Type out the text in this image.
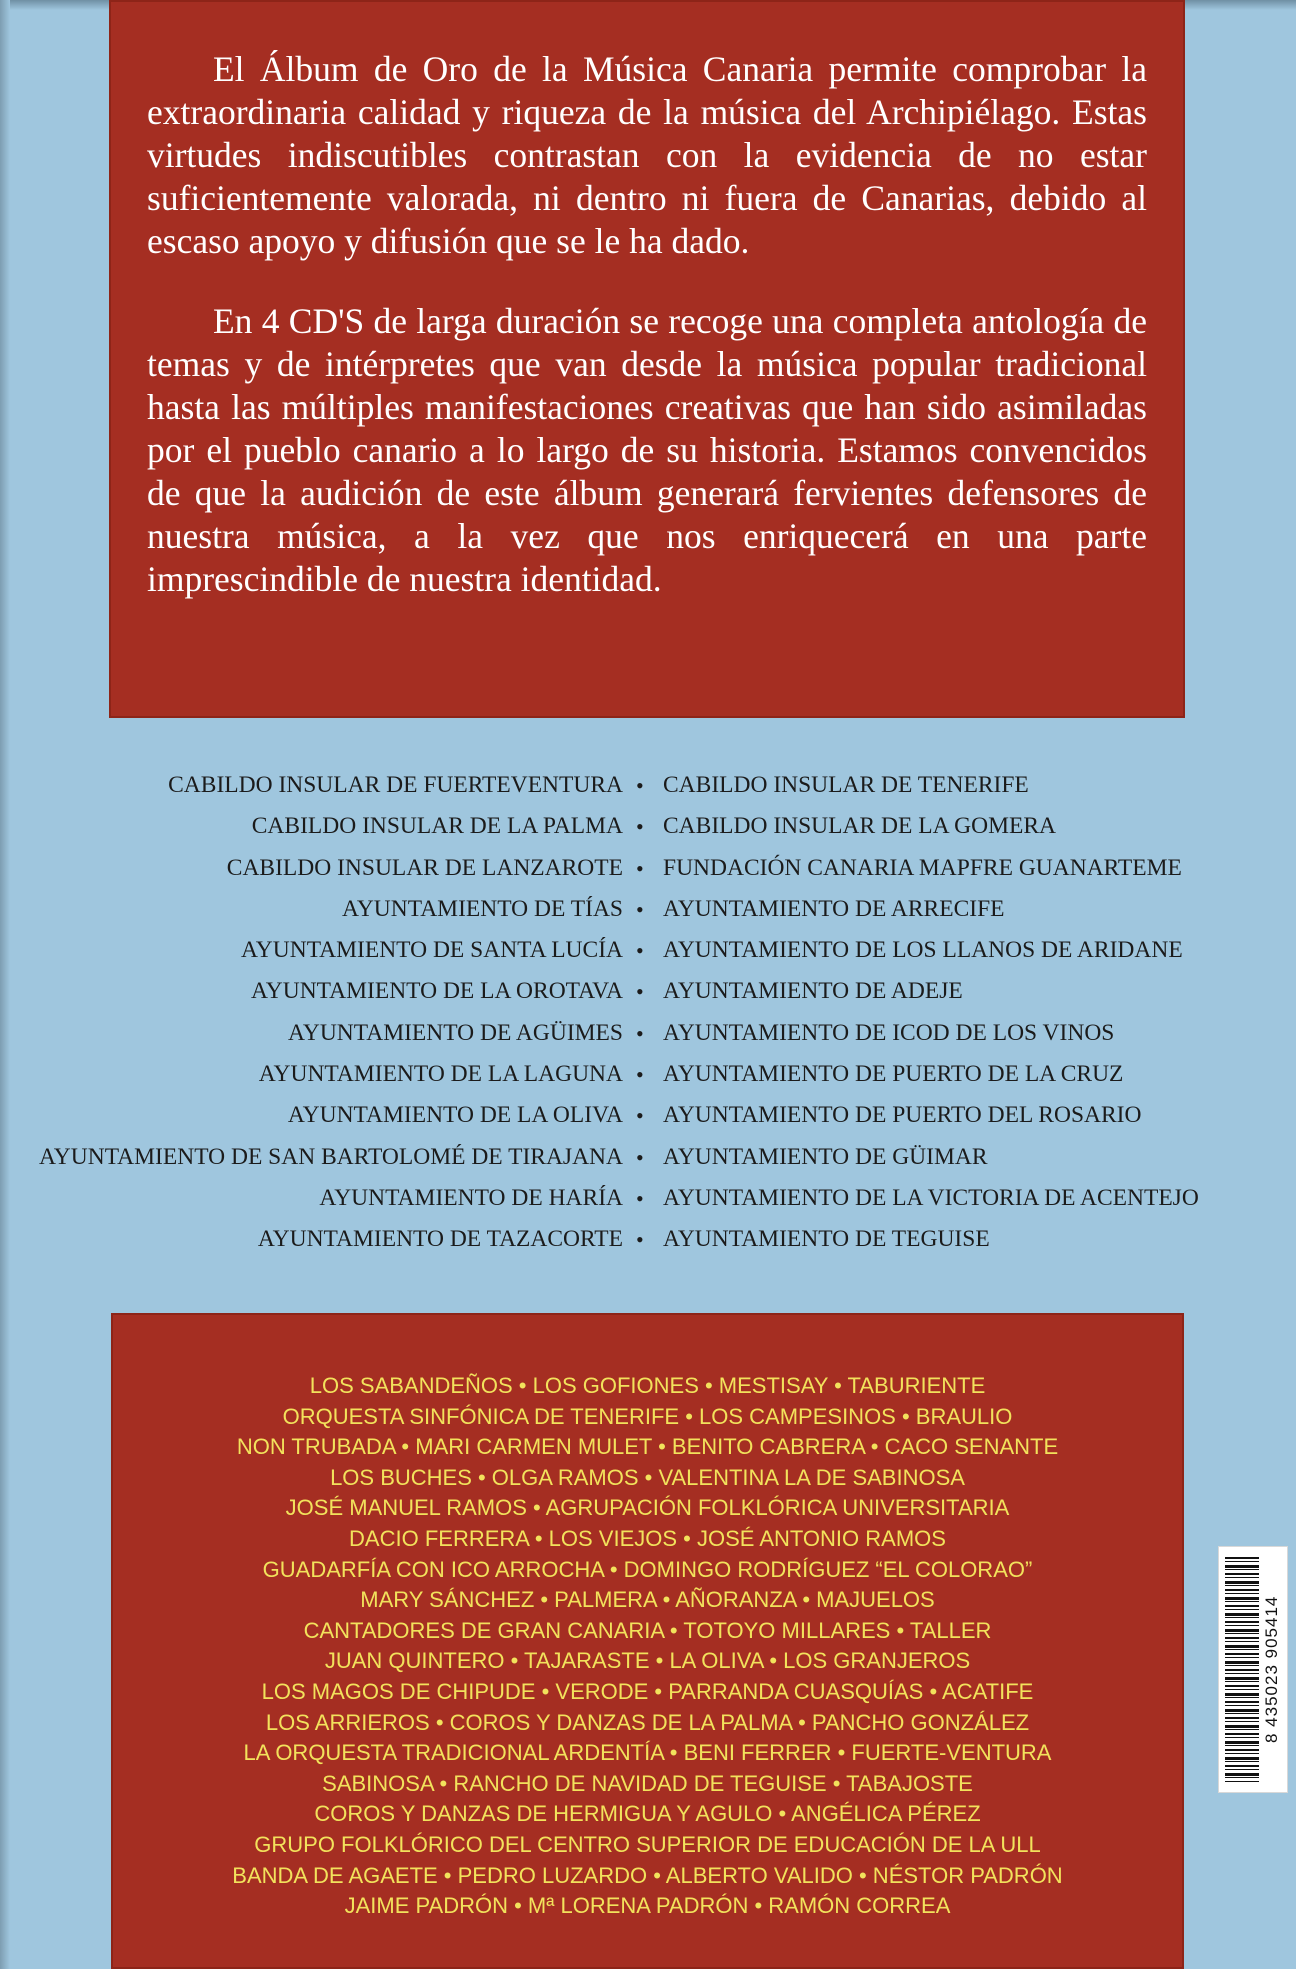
El Álbum de Oro de la Música Canaria permite comprobar la extraordinaria calidad y riqueza de la música del Archipiélago. Estas virtudes indiscutibles contrastan con la evidencia de no estar suficientemente valorada, ni dentro ni fuera de Canarias, debido al escaso apoyo y difusión que se le ha dado.

En 4 CD'S de larga duración se recoge una completa antología de temas y de intérpretes que van desde la música popular tradicional hasta las múltiples manifestaciones creativas que han sido asimiladas por el pueblo canario a lo largo de su historia. Estamos convencidos de que la audición de este álbum generará fervientes defensores de nuestra música, a la vez que nos enriquecerá en una parte imprescindible de nuestra identidad.

CABILDO INSULAR DE FUERTEVENTURA • CABILDO INSULAR DE TENERIFE
CABILDO INSULAR DE LA PALMA • CABILDO INSULAR DE LA GOMERA
CABILDO INSULAR DE LANZAROTE • FUNDACIÓN CANARIA MAPFRE GUANARTEME
AYUNTAMIENTO DE TÍAS • AYUNTAMIENTO DE ARRECIFE
AYUNTAMIENTO DE SANTA LUCÍA • AYUNTAMIENTO DE LOS LLANOS DE ARIDANE
AYUNTAMIENTO DE LA OROTAVA • AYUNTAMIENTO DE ADEJE
AYUNTAMIENTO DE AGÜIMES • AYUNTAMIENTO DE ICOD DE LOS VINOS
AYUNTAMIENTO DE LA LAGUNA • AYUNTAMIENTO DE PUERTO DE LA CRUZ
AYUNTAMIENTO DE LA OLIVA • AYUNTAMIENTO DE PUERTO DEL ROSARIO
AYUNTAMIENTO DE SAN BARTOLOMÉ DE TIRAJANA • AYUNTAMIENTO DE GÜIMAR
AYUNTAMIENTO DE HARÍA • AYUNTAMIENTO DE LA VICTORIA DE ACENTEJO
AYUNTAMIENTO DE TAZACORTE • AYUNTAMIENTO DE TEGUISE
LOS SABANDEÑOS • LOS GOFIONES • MESTISAY • TABURIENTE
ORQUESTA SINFÓNICA DE TENERIFE • LOS CAMPESINOS • BRAULIO
NON TRUBADA • MARI CARMEN MULET • BENITO CABRERA • CACO SENANTE
LOS BUCHES • OLGA RAMOS • VALENTINA LA DE SABINOSA
JOSÉ MANUEL RAMOS • AGRUPACIÓN FOLKLÓRICA UNIVERSITARIA
DACIO FERRERA • LOS VIEJOS • JOSÉ ANTONIO RAMOS
GUADARFÍA CON ICO ARROCHA • DOMINGO RODRÍGUEZ “EL COLORAO”
MARY SÁNCHEZ • PALMERA • AÑORANZA • MAJUELOS
CANTADORES DE GRAN CANARIA • TOTOYO MILLARES • TALLER
JUAN QUINTERO • TAJARASTE • LA OLIVA • LOS GRANJEROS
LOS MAGOS DE CHIPUDE • VERODE • PARRANDA CUASQUÍAS • ACATIFE
LOS ARRIEROS • COROS Y DANZAS DE LA PALMA • PANCHO GONZÁLEZ
LA ORQUESTA TRADICIONAL ARDENTÍA • BENI FERRER • FUERTE-VENTURA
SABINOSA • RANCHO DE NAVIDAD DE TEGUISE • TABAJOSTE
COROS Y DANZAS DE HERMIGUA Y AGULO • ANGÉLICA PÉREZ
GRUPO FOLKLÓRICO DEL CENTRO SUPERIOR DE EDUCACIÓN DE LA ULL
BANDA DE AGAETE • PEDRO LUZARDO • ALBERTO VALIDO • NÉSTOR PADRÓN
JAIME PADRÓN • Mª LORENA PADRÓN • RAMÓN CORREA
8 435023 905414
